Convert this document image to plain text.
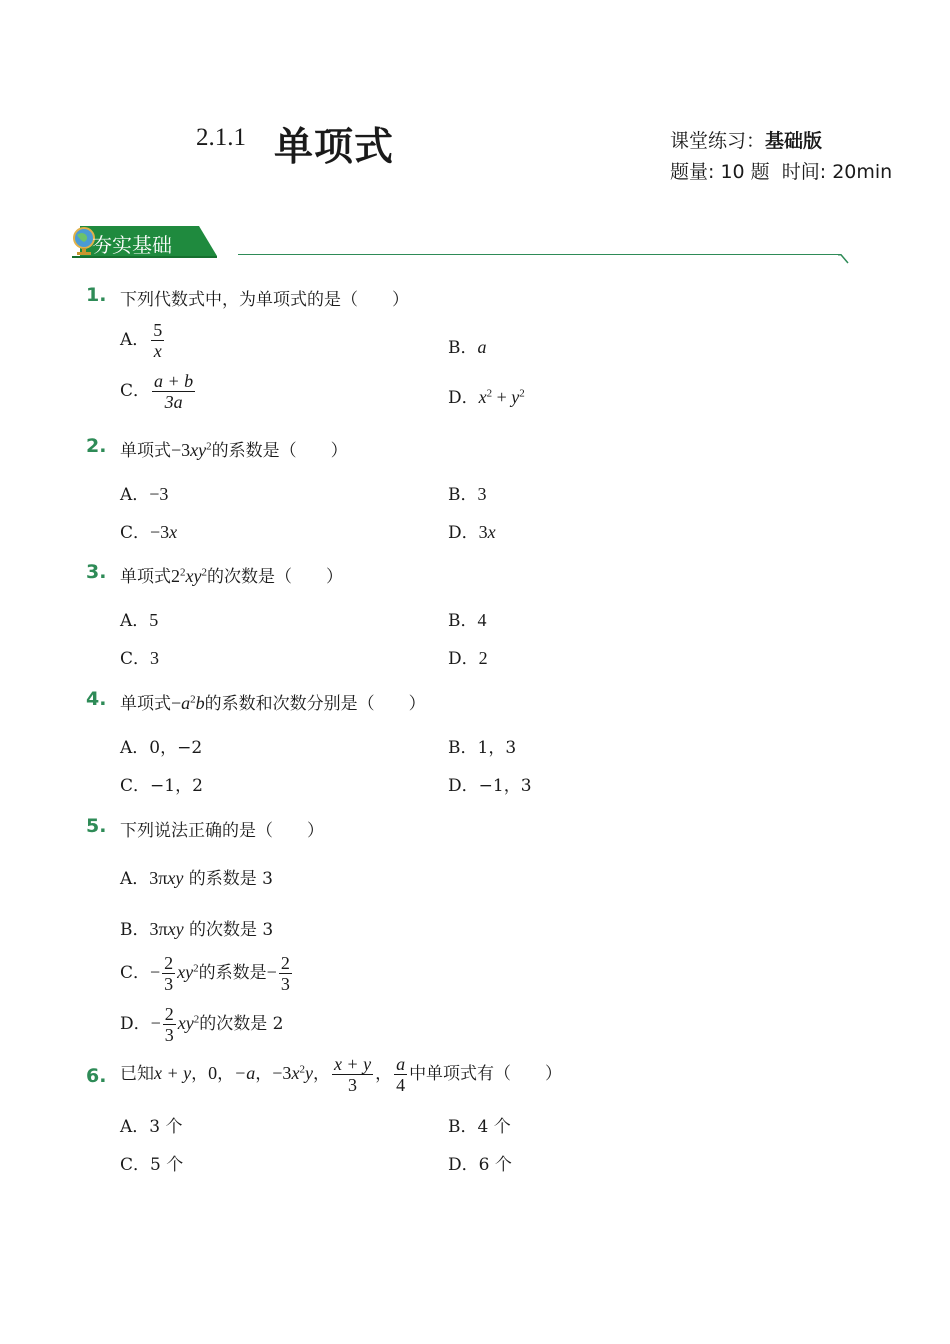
2.1.1 单项式	课堂练习：基础版
题量: 10 题 时间: 20min
夯实基础
1. 下列代数式中，为单项式的是（　　）
A． $\frac{5}{x}$	B．a
C． $\frac{a + b}{3a}$	D．$x^2 + y^2$
2. 单项式$-3xy^2$的系数是（　　）
A．−3	B．3
C．−3x	D．3x
3. 单项式$2^2xy^2$的次数是（　　）
A．5	B．4
C．3	D．2
4. 单项式$-a^2b$的系数和次数分别是（　　）
A．0，−2	B．1，3
C．−1，2	D．−1，3
5. 下列说法正确的是（　　）
A．3πxy 的系数是 3
B．3πxy 的次数是 3
C．− $\frac{2}{3} xy^2$的系数是− $\frac{2}{3}$
D．− $\frac{2}{3} xy^2$的次数是 2
6. 已知x + y，0，−a，$-3x^2y$， $\frac{x + y}{3}$ ， $\frac{a}{4}$ 中单项式有（　　）
A．3 个	B．4 个
C．5 个	D．6 个
